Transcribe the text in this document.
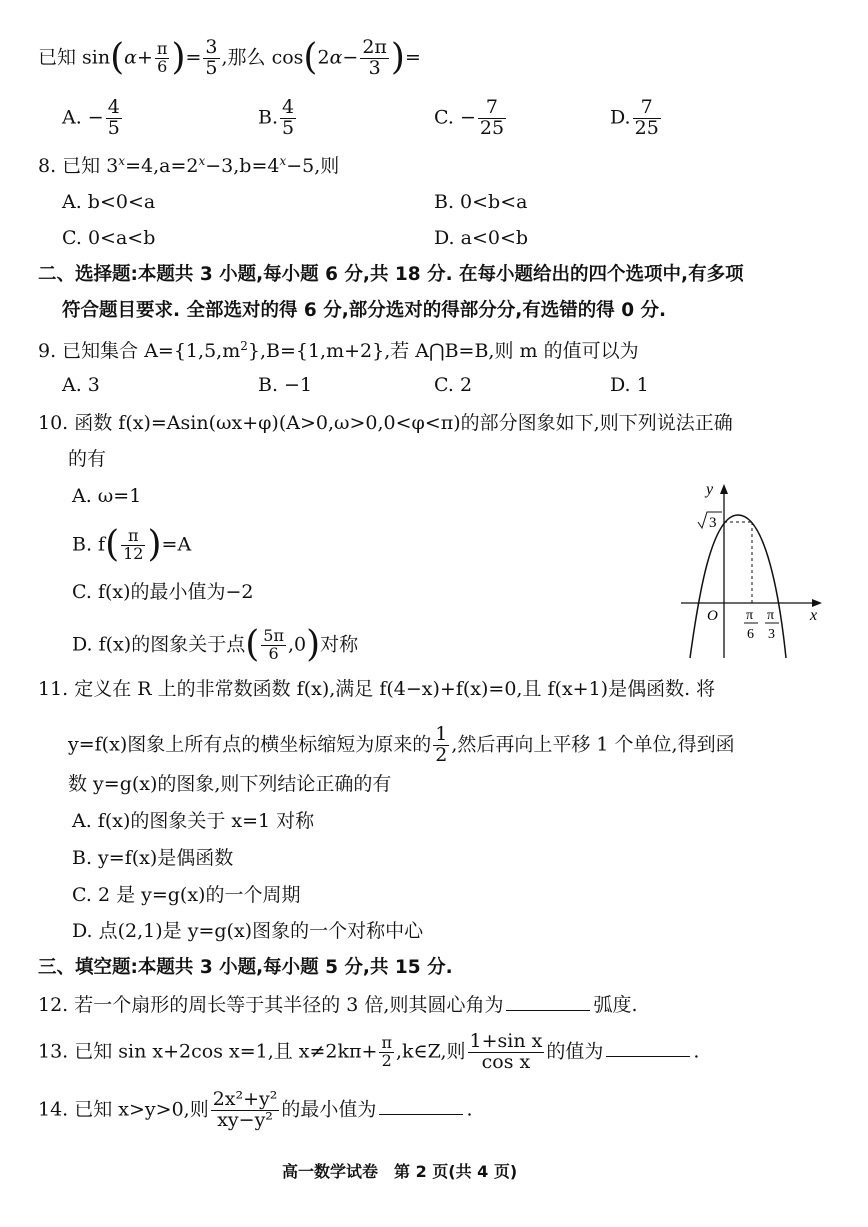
已知 $\sin(\alpha+ \frac{\pi}{6}$ )= $\frac{3}{5}$ ,那么 $\cos(2\alpha- \frac{2\pi}{3}$ )=
A. − $\frac{4}{5}$	B. $\frac{4}{5}$	C. − $\frac{7}{25}$	D. $\frac{7}{25}$
8. 已知 $3^x=4,a=2^x-3,b=4^x-5$,则
A. b<0<a	B. 0<b<a
C. 0<a<b	D. a<0<b
二、选择题:本题共 3 小题,每小题 6 分,共 18 分. 在每小题给出的四个选项中,有多项
符合题目要求. 全部选对的得 6 分,部分选对的得部分分,有选错的得 0 分.
9. 已知集合 $A=\{1,5,m^2\},B=\{1,m+2\}$,若 A⋂B=B,则 m 的值可以为
A. 3	B. −1	C. 2	D. 1
10. 函数 f(x)=Asin(ωx+φ)(A>0,ω>0,0<φ<π)的部分图象如下,则下列说法正确
的有
A. ω=1
B. $f( \frac{\pi}{12} )=A$
C. f(x)的最小值为−2
D. f(x)的图象关于点( $\frac{5\pi}{6} ,0$)对称
y
x
O
3
π
6
π
3
11. 定义在 R 上的非常数函数 f(x),满足 f(4−x)+f(x)=0,且 f(x+1)是偶函数. 将
y=f(x)图象上所有点的横坐标缩短为原来的 $\frac{1}{2}$ ,然后再向上平移 1 个单位,得到函
数 y=g(x)的图象,则下列结论正确的有
A. f(x)的图象关于 x=1 对称
B. y=f(x)是偶函数
C. 2 是 y=g(x)的一个周期
D. 点(2,1)是 y=g(x)图象的一个对称中心
三、填空题:本题共 3 小题,每小题 5 分,共 15 分.
12. 若一个扇形的周长等于其半径的 3 倍,则其圆心角为	弧度.
13. 已知 sin x+2cos x=1,且 $x\ne 2k\pi+ \frac{\pi}{2}$ ,k∈Z,则 $\frac{\text{1+sin x}}{\text{cos x}}$ 的值为	.
14. 已知 x>y>0,则 $\frac{\text{2x²+y²}}{\text{xy−y²}}$ 的最小值为	.
高一数学试卷　第 2 页(共 4 页)
